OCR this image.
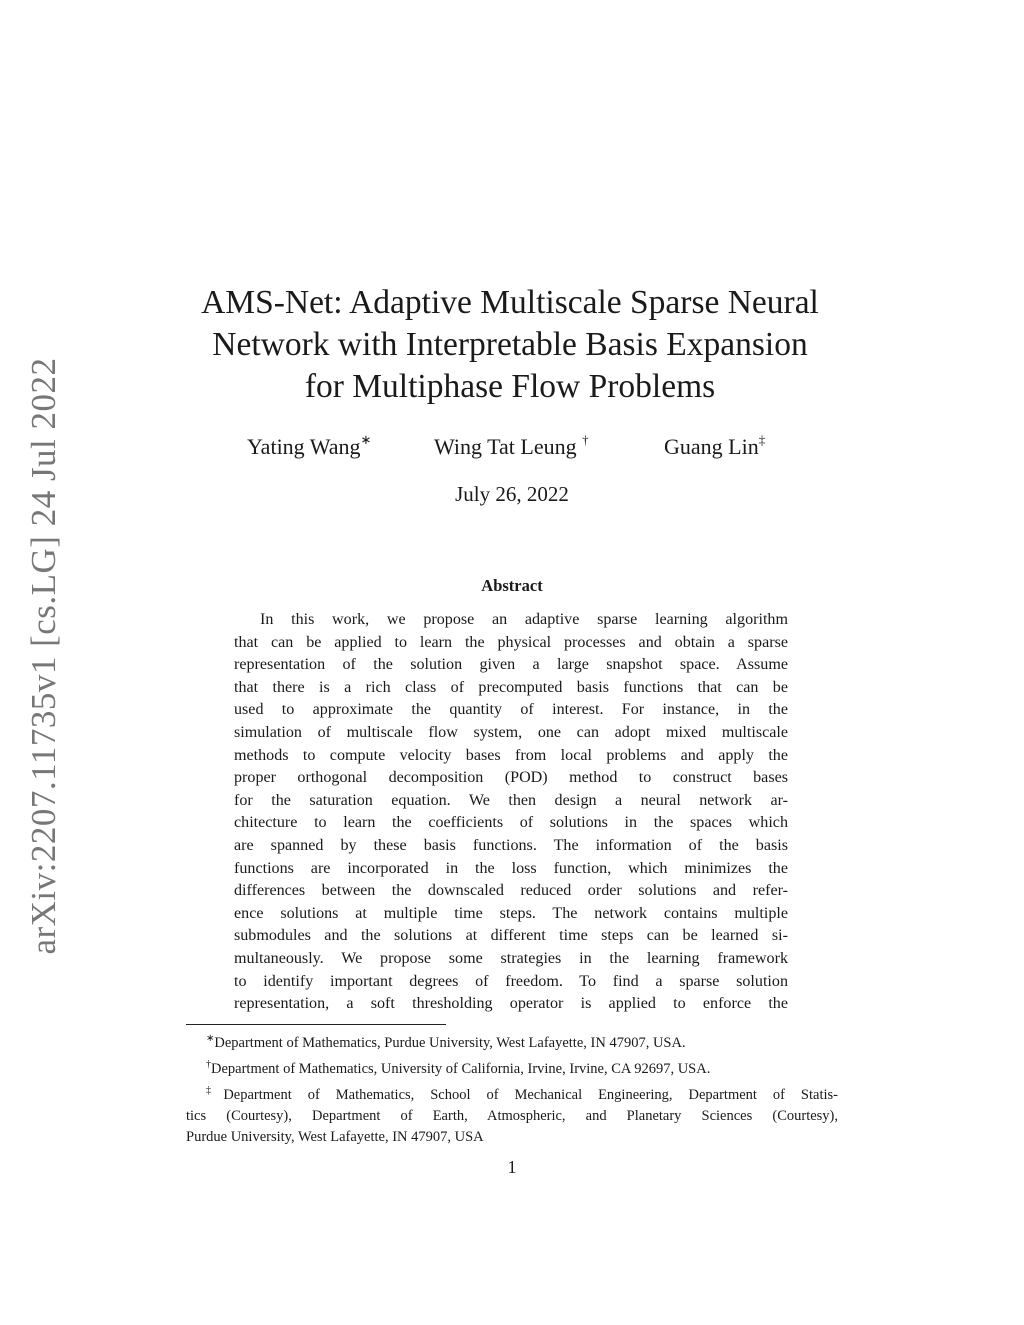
arXiv:2207.11735v1 [cs.LG] 24 Jul 2022
AMS-Net: Adaptive Multiscale Sparse Neural
Network with Interpretable Basis Expansion
for Multiphase Flow Problems
Yating Wang∗	Wing Tat Leung †	Guang Lin‡
July 26, 2022
Abstract
In this work, we propose an adaptive sparse learning algorithm
that can be applied to learn the physical processes and obtain a sparse
representation of the solution given a large snapshot space. Assume
that there is a rich class of precomputed basis functions that can be
used to approximate the quantity of interest. For instance, in the
simulation of multiscale flow system, one can adopt mixed multiscale
methods to compute velocity bases from local problems and apply the
proper orthogonal decomposition (POD) method to construct bases
for the saturation equation. We then design a neural network ar-
chitecture to learn the coefficients of solutions in the spaces which
are spanned by these basis functions. The information of the basis
functions are incorporated in the loss function, which minimizes the
differences between the downscaled reduced order solutions and refer-
ence solutions at multiple time steps. The network contains multiple
submodules and the solutions at different time steps can be learned si-
multaneously. We propose some strategies in the learning framework
to identify important degrees of freedom. To find a sparse solution
representation, a soft thresholding operator is applied to enforce the
∗Department of Mathematics, Purdue University, West Lafayette, IN 47907, USA.
†Department of Mathematics, University of California, Irvine, Irvine, CA 92697, USA.
‡Department of Mathematics, School of Mechanical Engineering, Department of Statis-
tics (Courtesy), Department of Earth, Atmospheric, and Planetary Sciences (Courtesy),
Purdue University, West Lafayette, IN 47907, USA
1
